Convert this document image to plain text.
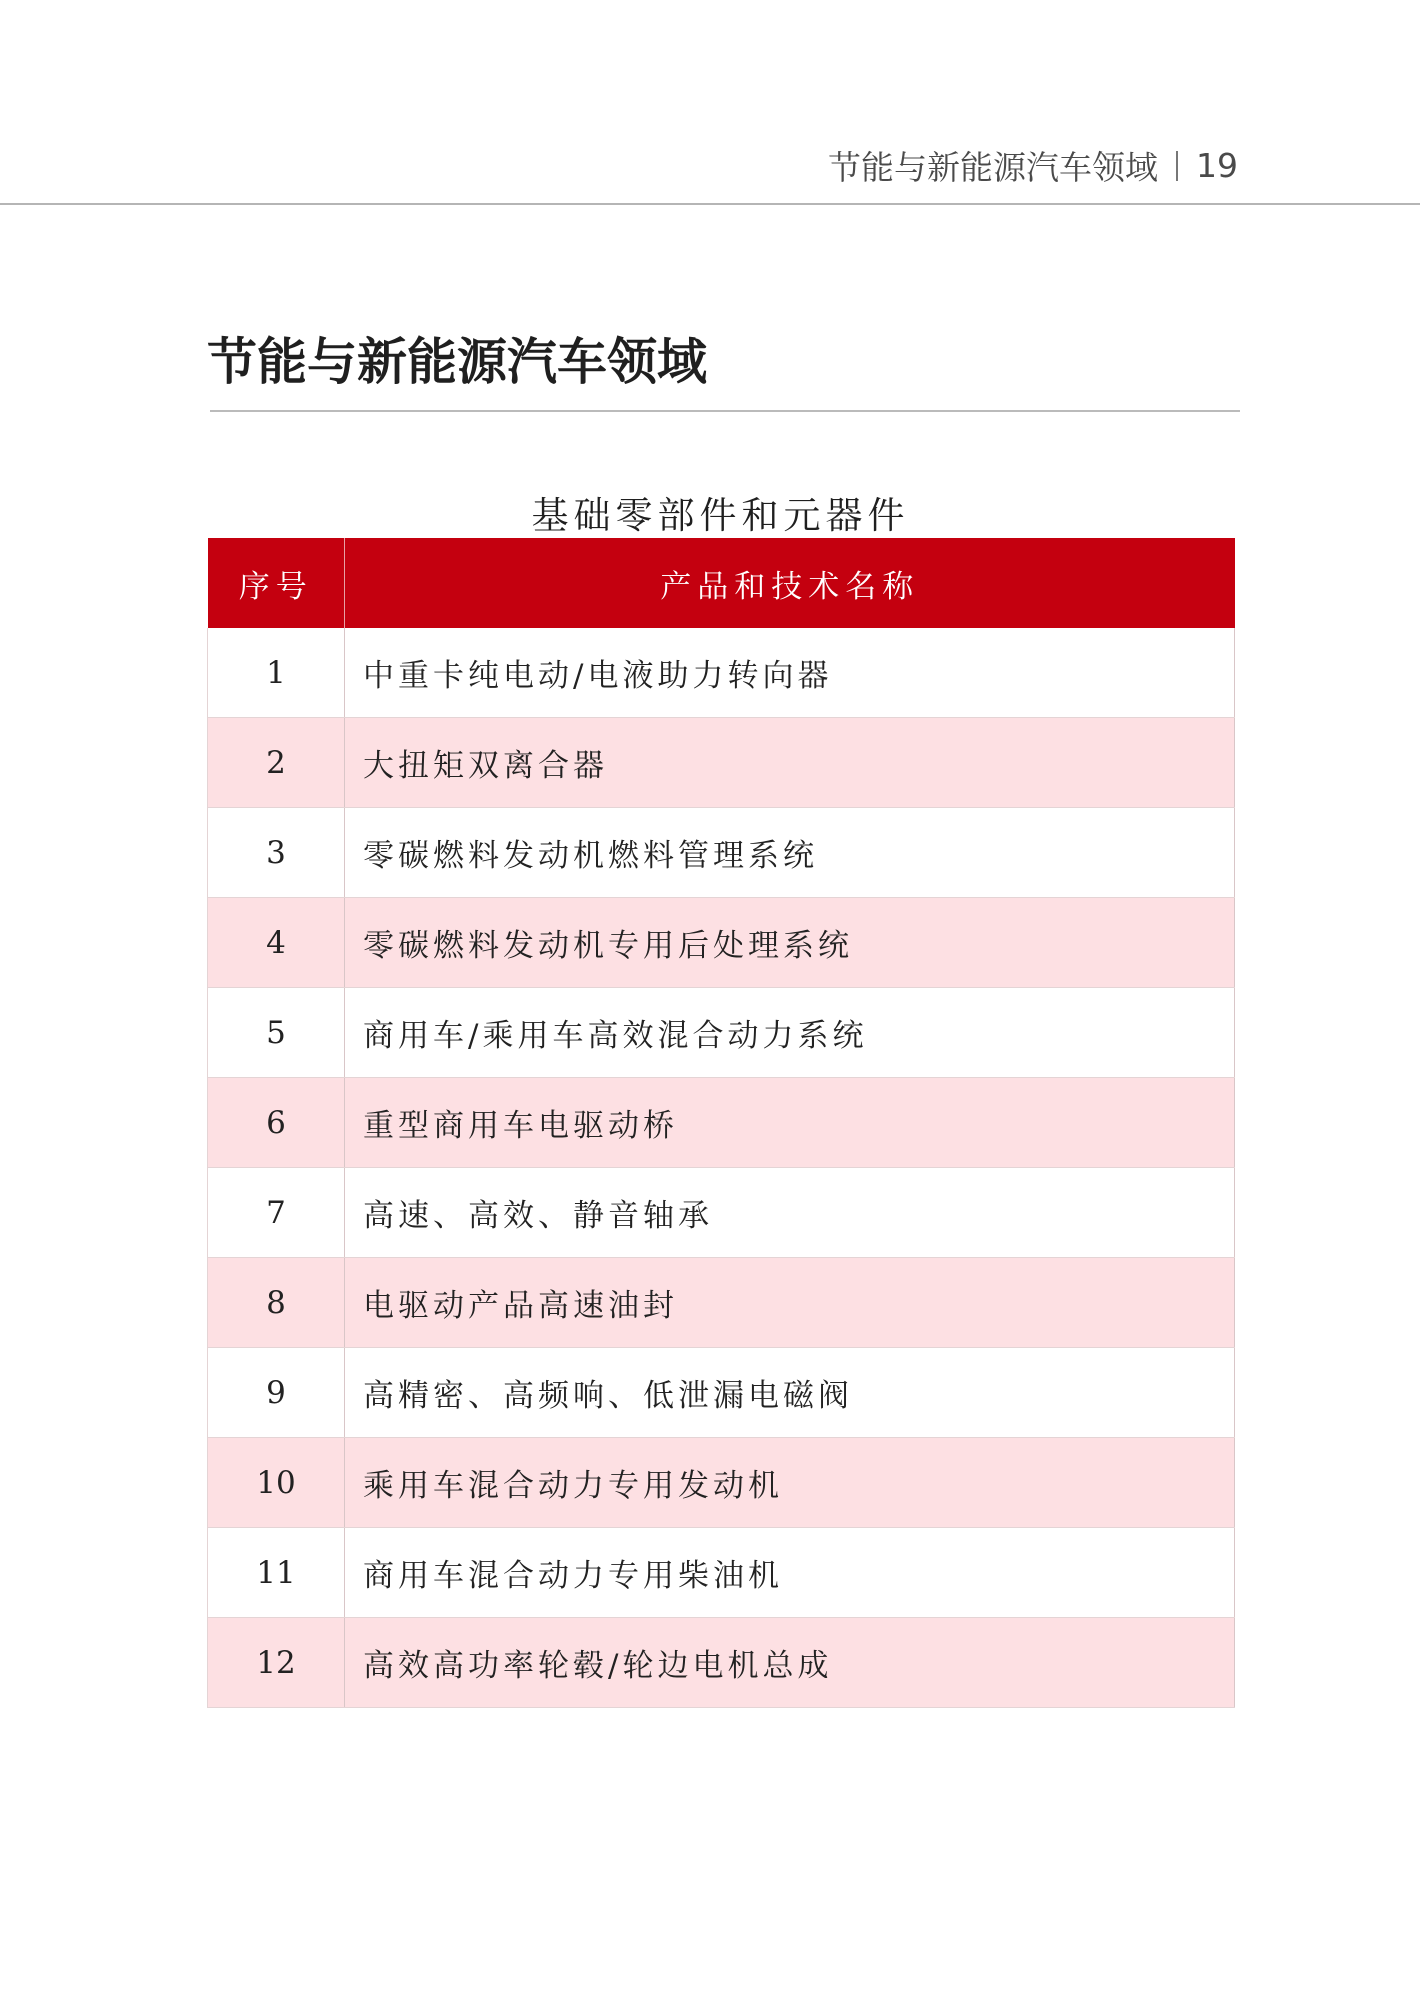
节能与新能源汽车领域 19
节能与新能源汽车领域
基础零部件和元器件
序号	产品和技术名称
1	中重卡纯电动/电液助力转向器
2	大扭矩双离合器
3	零碳燃料发动机燃料管理系统
4	零碳燃料发动机专用后处理系统
5	商用车/乘用车高效混合动力系统
6	重型商用车电驱动桥
7	高速、高效、静音轴承
8	电驱动产品高速油封
9	高精密、高频响、低泄漏电磁阀
10	乘用车混合动力专用发动机
11	商用车混合动力专用柴油机
12	高效高功率轮毂/轮边电机总成
